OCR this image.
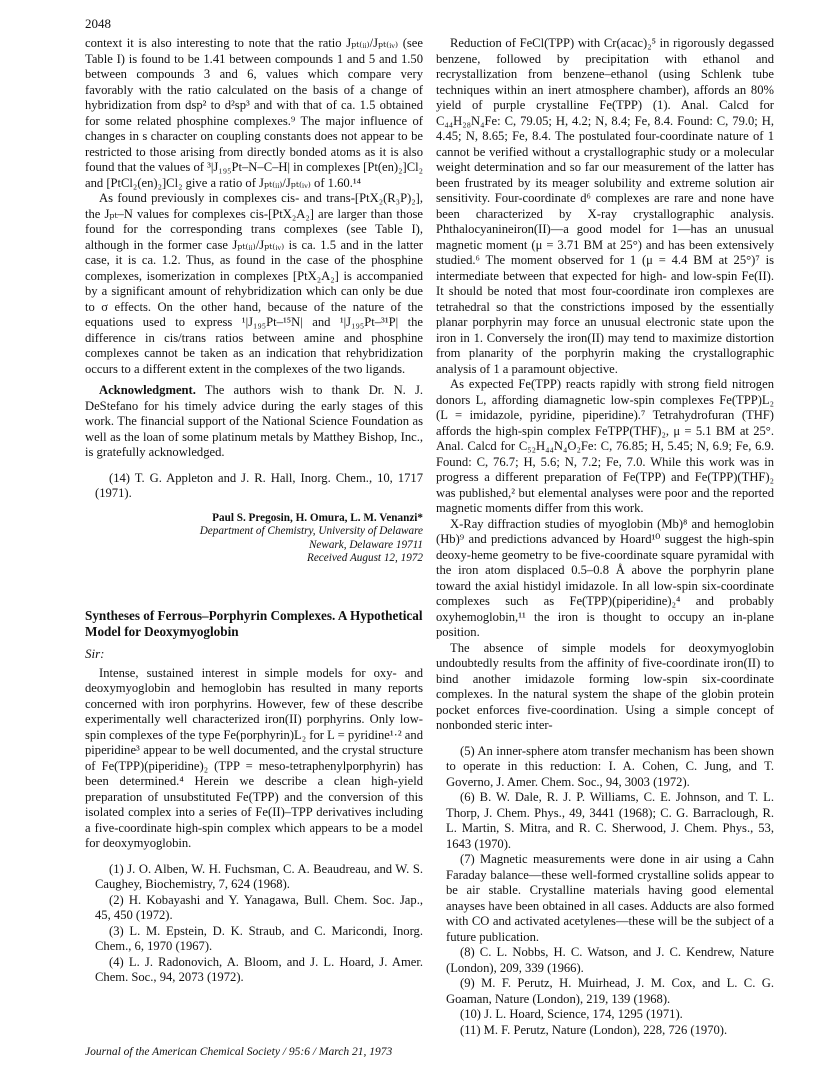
2048

context it is also interesting to note that the ratio Jₚₜ₍ᵢᵢ₎/Jₚₜ₍ᵢᵥ₎ (see Table I) is found to be 1.41 between compounds 1 and 5 and 1.50 between compounds 3 and 6, values which compare very favorably with the ratio calculated on the basis of a change of hybridization from dsp² to d²sp³ and with that of ca. 1.5 obtained for some related phosphine complexes.⁹ The major influence of changes in s character on coupling constants does not appear to be restricted to those arising from directly bonded atoms as it is also found that the values of ³|J₁₉₅Pt–N–C–H| in complexes [Pt(en)₂]Cl₂ and [PtCl₂(en)₂]Cl₂ give a ratio of Jₚₜ₍ᵢᵢ₎/Jₚₜ₍ᵢᵥ₎ of 1.60.¹⁴

As found previously in complexes cis- and trans-[PtX₂(R₃P)₂], the Jₚₜ–N values for complexes cis-[PtX₂A₂] are larger than those found for the corresponding trans complexes (see Table I), although in the former case Jₚₜ₍ᵢᵢ₎/Jₚₜ₍ᵢᵥ₎ is ca. 1.5 and in the latter case, it is ca. 1.2. Thus, as found in the case of the phosphine complexes, isomerization in complexes [PtX₂A₂] is accompanied by a significant amount of rehybridization which can only be due to σ effects. On the other hand, because of the nature of the equations used to express ¹|J₁₉₅Pt–¹⁵N| and ¹|J₁₉₅Pt–³¹P| the difference in cis/trans ratios between amine and phosphine complexes cannot be taken as an indication that rehybridization occurs to a different extent in the complexes of the two ligands.

Acknowledgment. The authors wish to thank Dr. N. J. DeStefano for his timely advice during the early stages of this work. The financial support of the National Science Foundation as well as the loan of some platinum metals by Matthey Bishop, Inc., is gratefully acknowledged.

(14) T. G. Appleton and J. R. Hall, Inorg. Chem., 10, 1717 (1971).

Paul S. Pregosin, H. Omura, L. M. Venanzi*
Department of Chemistry, University of Delaware
Newark, Delaware 19711
Received August 12, 1972
Syntheses of Ferrous–Porphyrin Complexes. A Hypothetical Model for Deoxymyoglobin
Sir:

Intense, sustained interest in simple models for oxy- and deoxymyoglobin and hemoglobin has resulted in many reports concerned with iron porphyrins. However, few of these describe experimentally well characterized iron(II) porphyrins. Only low-spin complexes of the type Fe(porphyrin)L₂ for L = pyridine¹·² and piperidine³ appear to be well documented, and the crystal structure of Fe(TPP)(piperidine)₂ (TPP = meso-tetraphenylporphyrin) has been determined.⁴ Herein we describe a clean high-yield preparation of unsubstituted Fe(TPP) and the conversion of this isolated complex into a series of Fe(II)–TPP derivatives including a five-coordinate high-spin complex which appears to be a model for deoxymyoglobin.

(1) J. O. Alben, W. H. Fuchsman, C. A. Beaudreau, and W. S. Caughey, Biochemistry, 7, 624 (1968).

(2) H. Kobayashi and Y. Yanagawa, Bull. Chem. Soc. Jap., 45, 450 (1972).

(3) L. M. Epstein, D. K. Straub, and C. Maricondi, Inorg. Chem., 6, 1970 (1967).

(4) L. J. Radonovich, A. Bloom, and J. L. Hoard, J. Amer. Chem. Soc., 94, 2073 (1972).

Reduction of FeCl(TPP) with Cr(acac)₂⁵ in rigorously degassed benzene, followed by precipitation with ethanol and recrystallization from benzene–ethanol (using Schlenk tube techniques within an inert atmosphere chamber), affords an 80% yield of purple crystalline Fe(TPP) (1). Anal. Calcd for C₄₄H₂₈N₄Fe: C, 79.05; H, 4.2; N, 8.4; Fe, 8.4. Found: C, 79.0; H, 4.45; N, 8.65; Fe, 8.4. The postulated four-coordinate nature of 1 cannot be verified without a crystallographic study or a molecular weight determination and so far our measurement of the latter has been frustrated by its meager solubility and extreme solution air sensitivity. Four-coordinate d⁶ complexes are rare and none have been characterized by X-ray crystallographic analysis. Phthalocyanineiron(II)—a good model for 1—has an unusual magnetic moment (μ = 3.71 BM at 25°) and has been extensively studied.⁶ The moment observed for 1 (μ = 4.4 BM at 25°)⁷ is intermediate between that expected for high- and low-spin Fe(II). It should be noted that most four-coordinate iron complexes are tetrahedral so that the constrictions imposed by the essentially planar porphyrin may force an unusual electronic state upon the iron in 1. Conversely the iron(II) may tend to maximize distortion from planarity of the porphyrin making the crystallographic analysis of 1 a paramount objective.

As expected Fe(TPP) reacts rapidly with strong field nitrogen donors L, affording diamagnetic low-spin complexes Fe(TPP)L₂ (L = imidazole, pyridine, piperidine).⁷ Tetrahydrofuran (THF) affords the high-spin complex FeTPP(THF)₂, μ = 5.1 BM at 25°. Anal. Calcd for C₅₂H₄₄N₄O₂Fe: C, 76.85; H, 5.45; N, 6.9; Fe, 6.9. Found: C, 76.7; H, 5.6; N, 7.2; Fe, 7.0. While this work was in progress a different preparation of Fe(TPP) and Fe(TPP)(THF)₂ was published,² but elemental analyses were poor and the reported magnetic moments differ from this work.

X-Ray diffraction studies of myoglobin (Mb)⁸ and hemoglobin (Hb)⁹ and predictions advanced by Hoard¹⁰ suggest the high-spin deoxy-heme geometry to be five-coordinate square pyramidal with the iron atom displaced 0.5–0.8 Å above the porphyrin plane toward the axial histidyl imidazole. In all low-spin six-coordinate complexes such as Fe(TPP)(piperidine)₂⁴ and probably oxyhemoglobin,¹¹ the iron is thought to occupy an in-plane position.

The absence of simple models for deoxymyoglobin undoubtedly results from the affinity of five-coordinate iron(II) to bind another imidazole forming low-spin six-coordinate complexes. In the natural system the shape of the globin protein pocket enforces five-coordination. Using a simple concept of nonbonded steric inter-

(5) An inner-sphere atom transfer mechanism has been shown to operate in this reduction: I. A. Cohen, C. Jung, and T. Governo, J. Amer. Chem. Soc., 94, 3003 (1972).

(6) B. W. Dale, R. J. P. Williams, C. E. Johnson, and T. L. Thorp, J. Chem. Phys., 49, 3441 (1968); C. G. Barraclough, R. L. Martin, S. Mitra, and R. C. Sherwood, J. Chem. Phys., 53, 1643 (1970).

(7) Magnetic measurements were done in air using a Cahn Faraday balance—these well-formed crystalline solids appear to be air stable. Crystalline materials having good elemental anayses have been obtained in all cases. Adducts are also formed with CO and activated acetylenes—these will be the subject of a future publication.

(8) C. L. Nobbs, H. C. Watson, and J. C. Kendrew, Nature (London), 209, 339 (1966).

(9) M. F. Perutz, H. Muirhead, J. M. Cox, and L. C. G. Goaman, Nature (London), 219, 139 (1968).

(10) J. L. Hoard, Science, 174, 1295 (1971).

(11) M. F. Perutz, Nature (London), 228, 726 (1970).

Journal of the American Chemical Society / 95:6 / March 21, 1973
